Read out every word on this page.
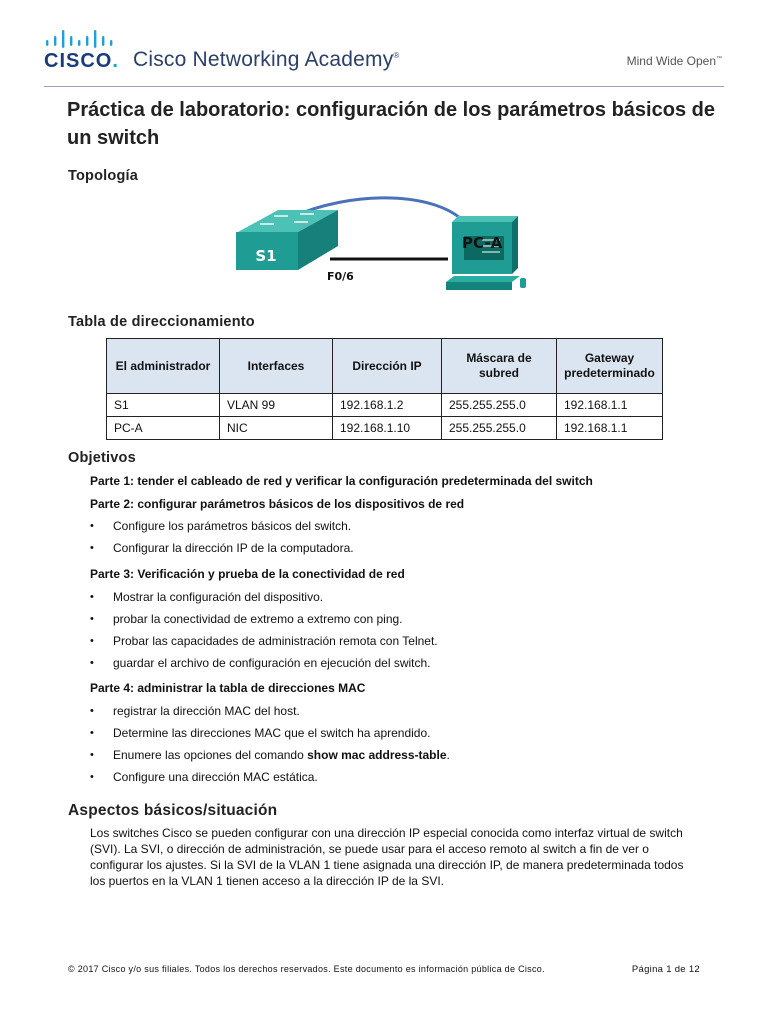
CISCO. Cisco Networking Academy®	Mind Wide Open™
Práctica de laboratorio: configuración de los parámetros básicos de un switch
Topología
S1
F0/6
PC-A
Tabla de direccionamiento
El administrador	Interfaces	Dirección IP	Máscara de subred	Gateway predeterminado
S1	VLAN 99	192.168.1.2	255.255.255.0	192.168.1.1
PC-A	NIC	192.168.1.10	255.255.255.0	192.168.1.1
Objetivos
Parte 1: tender el cableado de red y verificar la configuración predeterminada del switch
Parte 2: configurar parámetros básicos de los dispositivos de red
• Configure los parámetros básicos del switch.
• Configurar la dirección IP de la computadora.
Parte 3: Verificación y prueba de la conectividad de red
• Mostrar la configuración del dispositivo.
• probar la conectividad de extremo a extremo con ping.
• Probar las capacidades de administración remota con Telnet.
• guardar el archivo de configuración en ejecución del switch.
Parte 4: administrar la tabla de direcciones MAC
• registrar la dirección MAC del host.
• Determine las direcciones MAC que el switch ha aprendido.
• Enumere las opciones del comando show mac address-table.
• Configure una dirección MAC estática.
Aspectos básicos/situación
Los switches Cisco se pueden configurar con una dirección IP especial conocida como interfaz virtual de switch (SVI). La SVI, o dirección de administración, se puede usar para el acceso remoto al switch a fin de ver o configurar los ajustes. Si la SVI de la VLAN 1 tiene asignada una dirección IP, de manera predeterminada todos los puertos en la VLAN 1 tienen acceso a la dirección IP de la SVI.
© 2017 Cisco y/o sus filiales. Todos los derechos reservados. Este documento es información pública de Cisco.	Página 1 de 12
